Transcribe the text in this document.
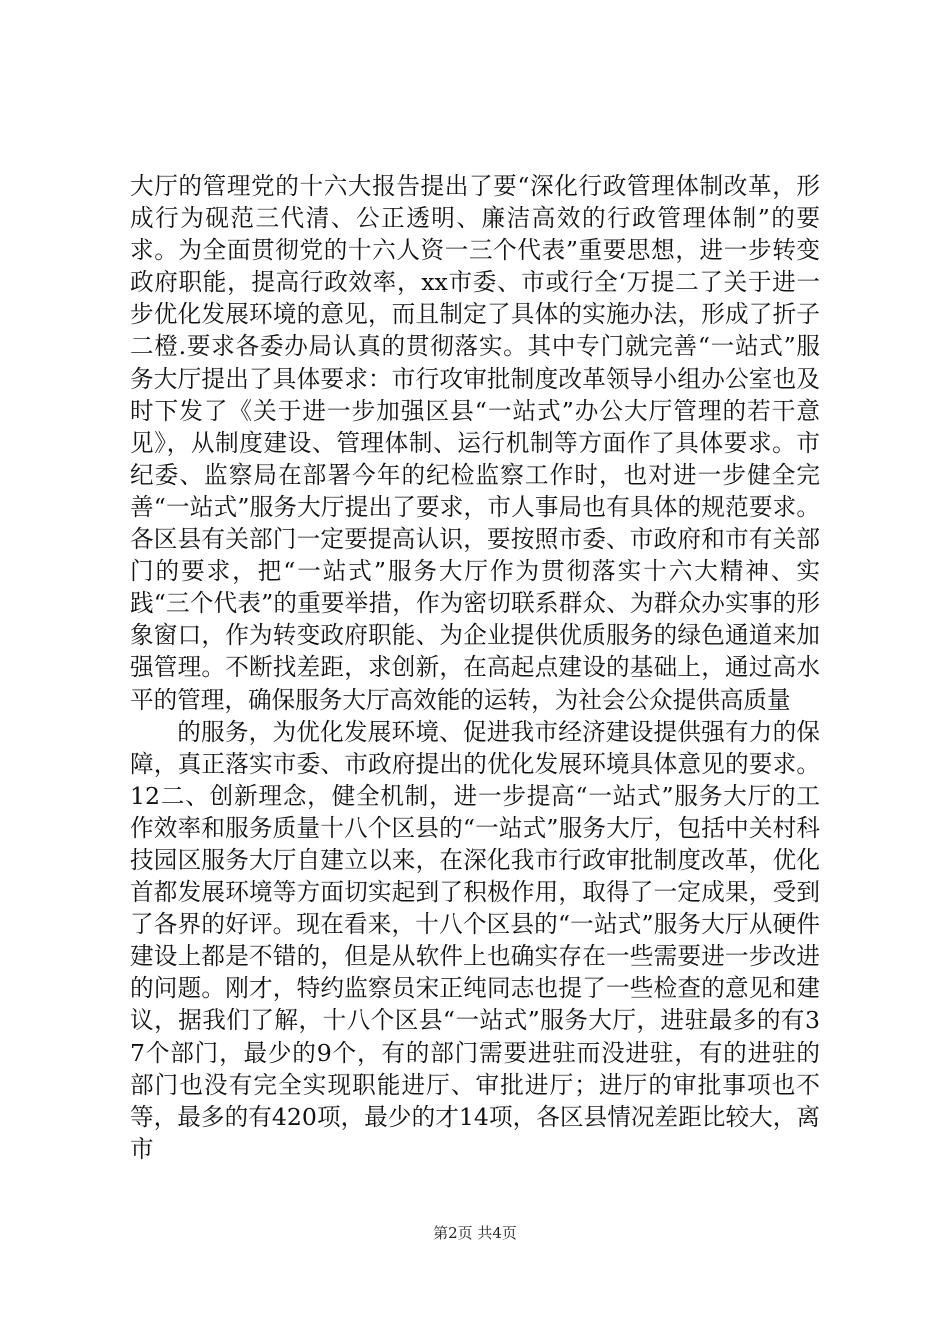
大厅的管理党的十六大报告提出了要“深化行政管理体制改革，形成行为砚范三代清、公正透明、廉洁高效的行政管理体制”的要求。为全面贯彻党的十六人资一三个代表”重要思想，进一步转变政府职能，提高行政效率，xx市委、市或行全‘万提二了关于进一步优化发展环境的意见，而且制定了具体的实施办法，形成了折子二橙.要求各委办局认真的贯彻落实。其中专门就完善“一站式”服务大厅提出了具体要求：市行攻审批制度改革领导小组办公室也及时下发了《关于进一步加强区县“一站式”办公大厅管理的若干意见》，从制度建设、管理体制、运行机制等方面作了具体要求。市纪委、监察局在部署今年的纪检监察工作时，也对进一步健全完善“一站式”服务大厅提出了要求，市人事局也有具体的规范要求。各区县有关部门一定要提高认识，要按照市委、市政府和市有关部门的要求，把“一站式”服务大厅作为贯彻落实十六大精神、实践“三个代表”的重要举措，作为密切联系群众、为群众办实事的形象窗口，作为转变政府职能、为企业提供优质服务的绿色通道来加强管理。不断找差距，求创新，在高起点建设的基础上，通过高水平的管理，确保服务大厅高效能的运转，为社会公众提供高质量

的服务，为优化发展环境、促进我市经济建设提供强有力的保障，真正落实市委、市政府提出的优化发展环境具体意见的要求。12二、创新理念，健全机制，进一步提高“一站式”服务大厅的工作效率和服务质量十八个区县的“一站式”服务大厅，包括中关村科技园区服务大厅自建立以来，在深化我市行政审批制度改革，优化首都发展环境等方面切实起到了积极作用，取得了一定成果，受到了各界的好评。现在看来，十八个区县的“一站式”服务大厅从硬件建设上都是不错的，但是从软件上也确实存在一些需要进一步改进的问题。刚才，特约监察员宋正纯同志也提了一些检查的意见和建议，据我们了解，十八个区县“一站式”服务大厅，进驻最多的有37个部门，最少的9个，有的部门需要进驻而没进驻，有的进驻的部门也没有完全实现职能进厅、审批进厅；进厅的审批事项也不等，最多的有420项，最少的才14项，各区县情况差距比较大，离市

第2页 共4页
